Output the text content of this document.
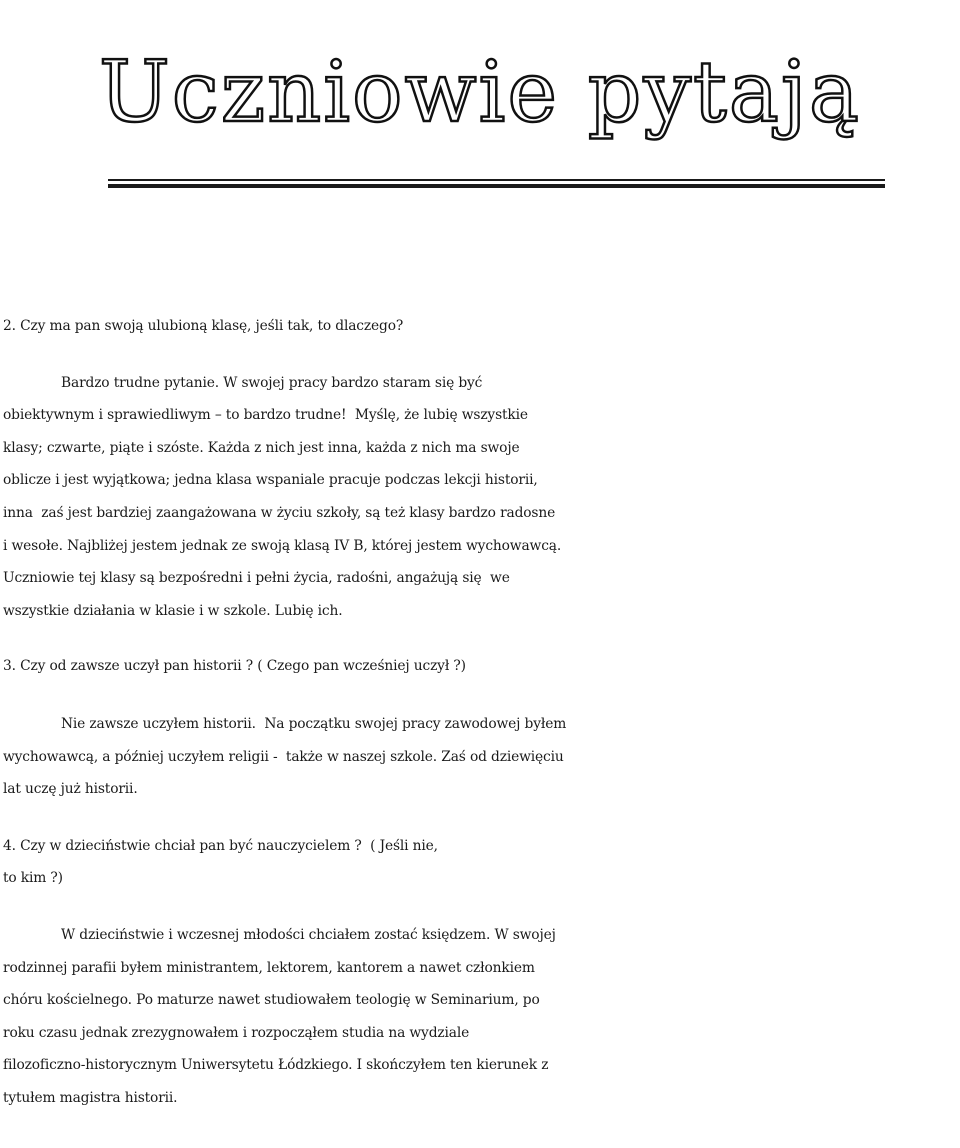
Uczniowie pytają

2. Czy ma pan swoją ulubioną klasę, jeśli tak, to dlaczego?

Bardzo trudne pytanie. W swojej pracy bardzo staram się być

obiektywnym i sprawiedliwym – to bardzo trudne!  Myślę, że lubię wszystkie

klasy; czwarte, piąte i szóste. Każda z nich jest inna, każda z nich ma swoje

oblicze i jest wyjątkowa; jedna klasa wspaniale pracuje podczas lekcji historii,

inna  zaś jest bardziej zaangażowana w życiu szkoły, są też klasy bardzo radosne

i wesołe. Najbliżej jestem jednak ze swoją klasą IV B, której jestem wychowawcą.

Uczniowie tej klasy są bezpośredni i pełni życia, radośni, angażują się  we

wszystkie działania w klasie i w szkole. Lubię ich.

3. Czy od zawsze uczył pan historii ? ( Czego pan wcześniej uczył ?)

Nie zawsze uczyłem historii.  Na początku swojej pracy zawodowej byłem

wychowawcą, a później uczyłem religii -  także w naszej szkole. Zaś od dziewięciu

lat uczę już historii.

4. Czy w dzieciństwie chciał pan być nauczycielem ?  ( Jeśli nie,

to kim ?)

W dzieciństwie i wczesnej młodości chciałem zostać księdzem. W swojej

rodzinnej parafii byłem ministrantem, lektorem, kantorem a nawet członkiem

chóru kościelnego. Po maturze nawet studiowałem teologię w Seminarium, po

roku czasu jednak zrezygnowałem i rozpocząłem studia na wydziale

filozoficzno-historycznym Uniwersytetu Łódzkiego. I skończyłem ten kierunek z

tytułem magistra historii.
